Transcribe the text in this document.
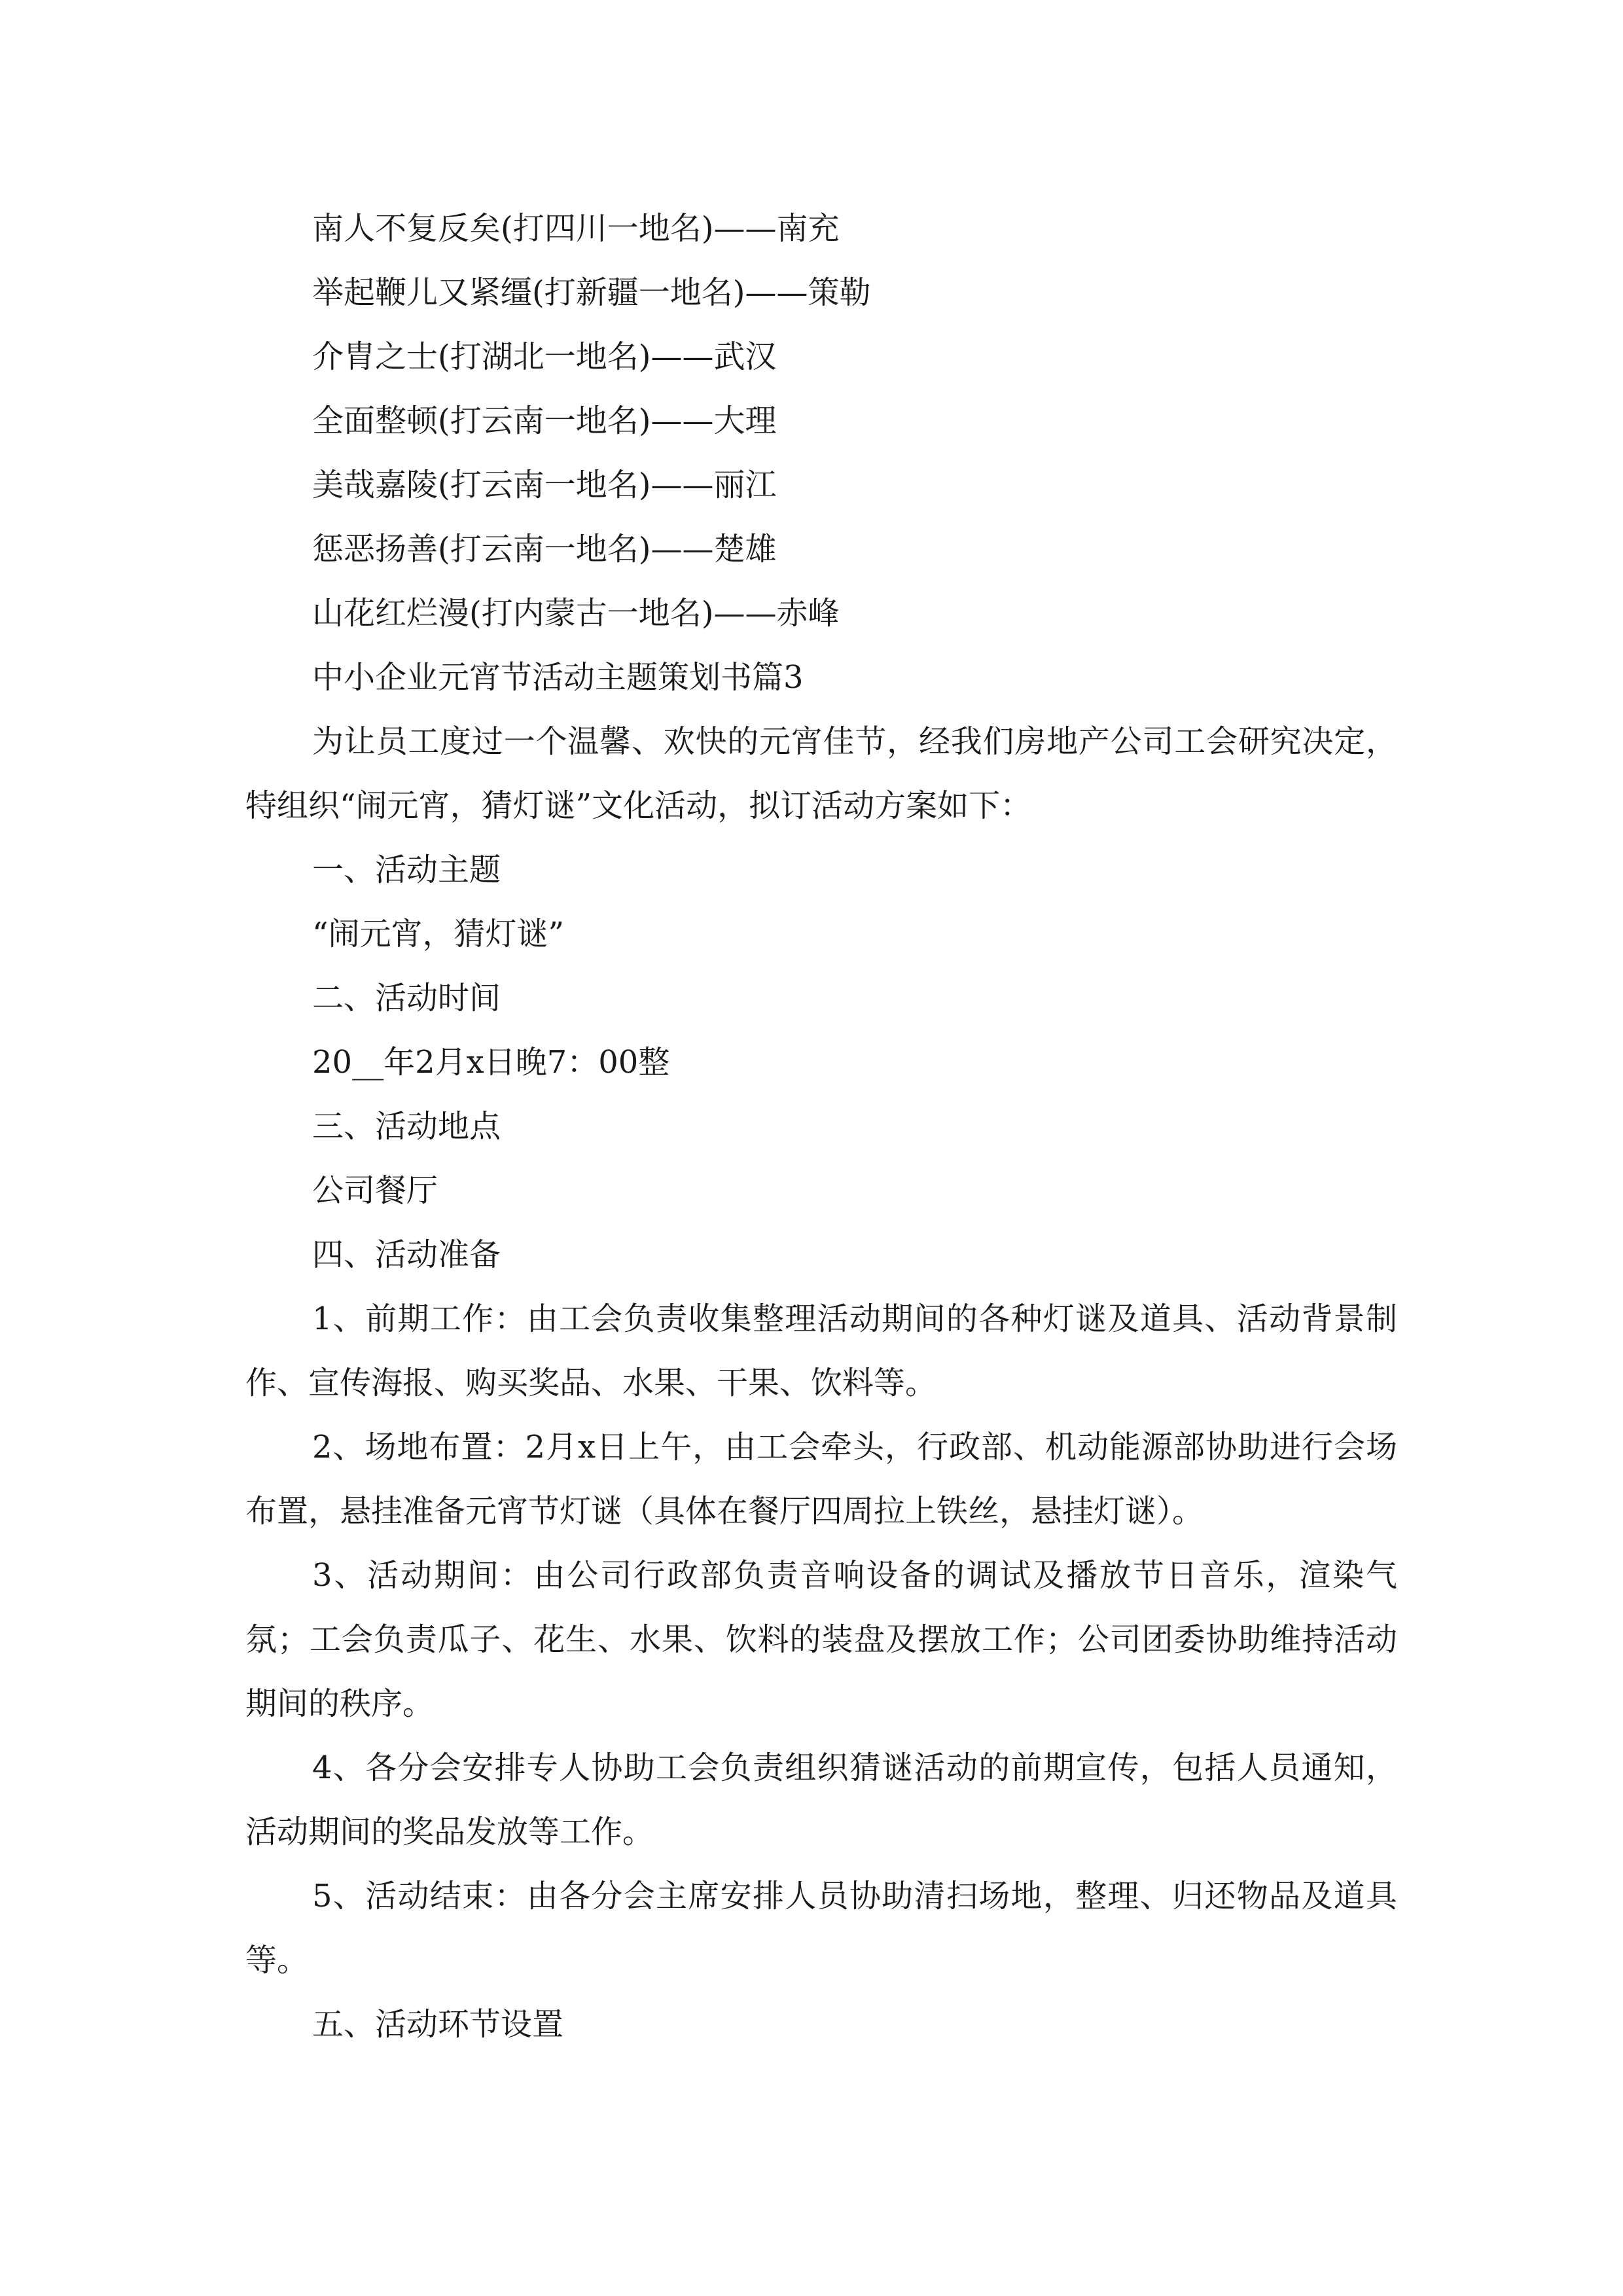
南人不复反矣(打四川一地名)——南充
举起鞭儿又紧缰(打新疆一地名)——策勒
介胄之士(打湖北一地名)——武汉
全面整顿(打云南一地名)——大理
美哉嘉陵(打云南一地名)——丽江
惩恶扬善(打云南一地名)——楚雄
山花红烂漫(打内蒙古一地名)——赤峰
中小企业元宵节活动主题策划书篇3
为让员工度过一个温馨、欢快的元宵佳节，经我们房地产公司工会研究决定，特组织“闹元宵，猜灯谜”文化活动，拟订活动方案如下：
一、活动主题
“闹元宵，猜灯谜”
二、活动时间
20__年2月x日晚7：00整
三、活动地点
公司餐厅
四、活动准备
1、前期工作：由工会负责收集整理活动期间的各种灯谜及道具、活动背景制作、宣传海报、购买奖品、水果、干果、饮料等。
2、场地布置：2月x日上午，由工会牵头，行政部、机动能源部协助进行会场布置，悬挂准备元宵节灯谜（具体在餐厅四周拉上铁丝，悬挂灯谜）。
3、活动期间：由公司行政部负责音响设备的调试及播放节日音乐，渲染气氛；工会负责瓜子、花生、水果、饮料的装盘及摆放工作；公司团委协助维持活动期间的秩序。
4、各分会安排专人协助工会负责组织猜谜活动的前期宣传，包括人员通知，活动期间的奖品发放等工作。
5、活动结束：由各分会主席安排人员协助清扫场地，整理、归还物品及道具等。
五、活动环节设置
